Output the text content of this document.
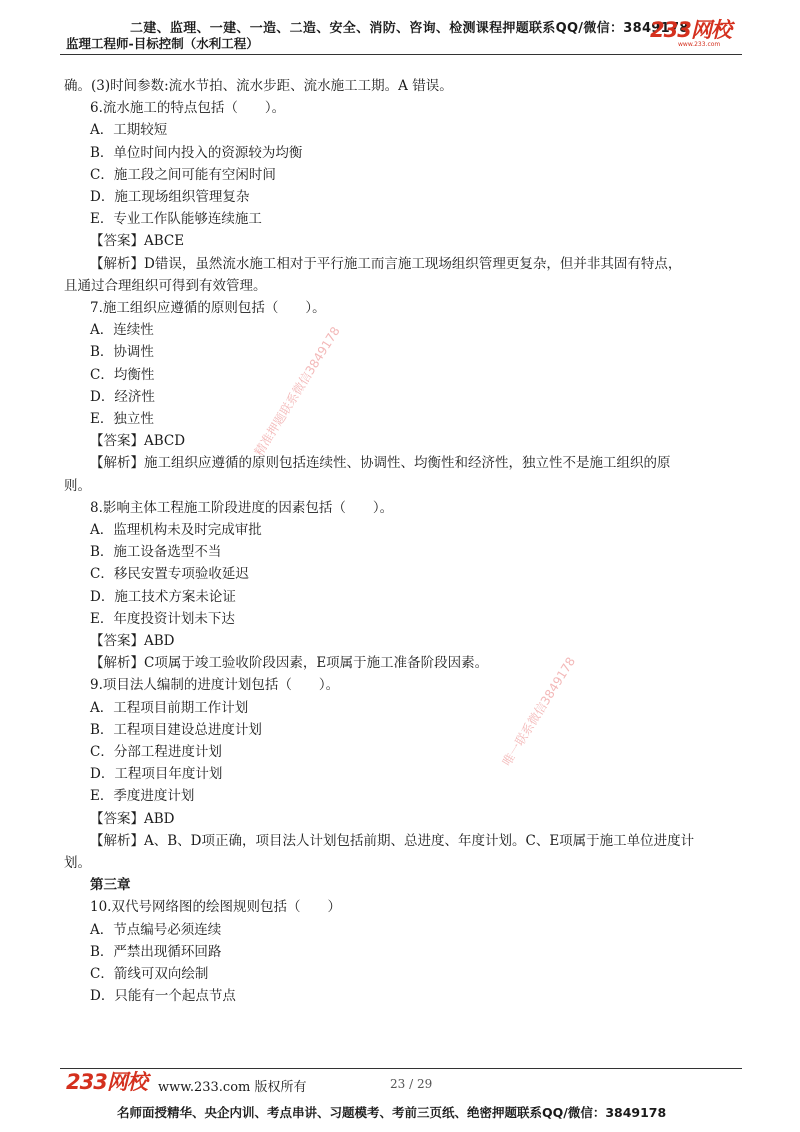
二建、监理、一建、一造、二造、安全、消防、咨询、检测课程押题联系QQ/微信：3849178
监理工程师-目标控制（水利工程）
233网校
www.233.com
精准押题联系微信3849178
唯一联系微信3849178
确。(3)时间参数:流水节拍、流水步距、流水施工工期。A 错误。
6.流水施工的特点包括（　　）。
A．工期较短
B．单位时间内投入的资源较为均衡
C．施工段之间可能有空闲时间
D．施工现场组织管理复杂
E．专业工作队能够连续施工
【答案】ABCE
【解析】D错误，虽然流水施工相对于平行施工而言施工现场组织管理更复杂，但并非其固有特点，
且通过合理组织可得到有效管理。
7.施工组织应遵循的原则包括（　　）。
A．连续性
B．协调性
C．均衡性
D．经济性
E．独立性
【答案】ABCD
【解析】施工组织应遵循的原则包括连续性、协调性、均衡性和经济性，独立性不是施工组织的原
则。
8.影响主体工程施工阶段进度的因素包括（　　）。
A．监理机构未及时完成审批
B．施工设备选型不当
C．移民安置专项验收延迟
D．施工技术方案未论证
E．年度投资计划未下达
【答案】ABD
【解析】C项属于竣工验收阶段因素，E项属于施工准备阶段因素。
9.项目法人编制的进度计划包括（　　）。
A．工程项目前期工作计划
B．工程项目建设总进度计划
C．分部工程进度计划
D．工程项目年度计划
E．季度进度计划
【答案】ABD
【解析】A、B、D项正确，项目法人计划包括前期、总进度、年度计划。C、E项属于施工单位进度计
划。
第三章
10.双代号网络图的绘图规则包括（　　）
A．节点编号必须连续
B．严禁出现循环回路
C．箭线可双向绘制
D．只能有一个起点节点
233网校 www.233.com 版权所有	23 / 29
名师面授精华、央企内训、考点串讲、习题模考、考前三页纸、绝密押题联系QQ/微信：3849178
